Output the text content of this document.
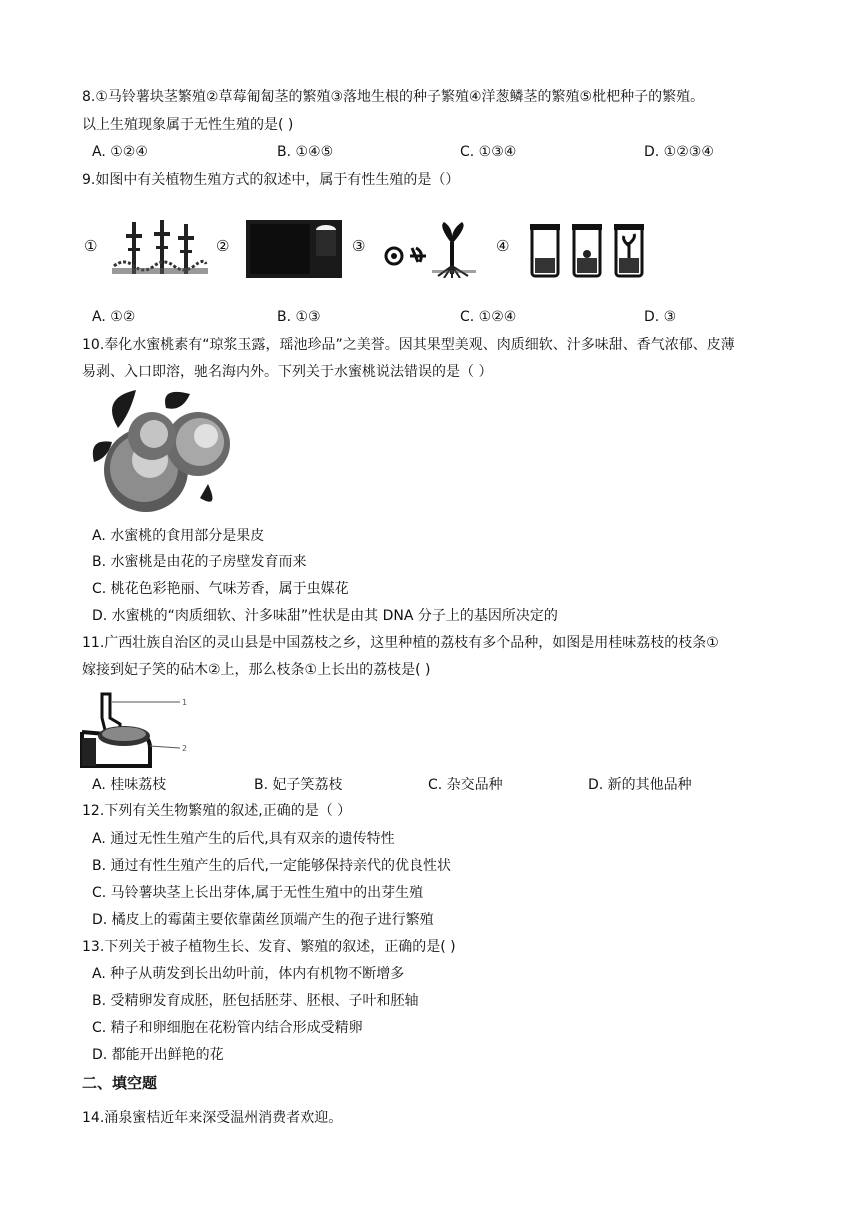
8.①马铃薯块茎繁殖②草莓匍匐茎的繁殖③落地生根的种子繁殖④洋葱鳞茎的繁殖⑤枇杷种子的繁殖。
以上生殖现象属于无性生殖的是( )
A. ①②④	B. ①④⑤	C. ①③④	D. ①②③④
9.如图中有关植物生殖方式的叙述中，属于有性生殖的是（）
①	②	③	④
A. ①②	B. ①③	C. ①②④	D. ③
10.奉化水蜜桃素有“琼浆玉露，瑶池珍品”之美誉。因其果型美观、肉质细软、汁多味甜、香气浓郁、皮薄
易剥、入口即溶，驰名海内外。下列关于水蜜桃说法错误的是（ ）
A. 水蜜桃的食用部分是果皮
B. 水蜜桃是由花的子房壁发育而来
C. 桃花色彩艳丽、气味芳香，属于虫媒花
D. 水蜜桃的“肉质细软、汁多味甜”性状是由其 DNA 分子上的基因所决定的
11.广西壮族自治区的灵山县是中国荔枝之乡，这里种植的荔枝有多个品种，如图是用桂味荔枝的枝条①
嫁接到妃子笑的砧木②上，那么枝条①上长出的荔枝是( )
1
2
A. 桂味荔枝	B. 妃子笑荔枝	C. 杂交品种	D. 新的其他品种
12.下列有关生物繁殖的叙述,正确的是（ ）
A. 通过无性生殖产生的后代,具有双亲的遗传特性
B. 通过有性生殖产生的后代,一定能够保持亲代的优良性状
C. 马铃薯块茎上长出芽体,属于无性生殖中的出芽生殖
D. 橘皮上的霉菌主要依靠菌丝顶端产生的孢子进行繁殖
13.下列关于被子植物生长、发育、繁殖的叙述，正确的是( )
A. 种子从萌发到长出幼叶前，体内有机物不断增多
B. 受精卵发育成胚，胚包括胚芽、胚根、子叶和胚轴
C. 精子和卵细胞在花粉管内结合形成受精卵
D. 都能开出鲜艳的花
二、填空题
14.涌泉蜜桔近年来深受温州消费者欢迎。
